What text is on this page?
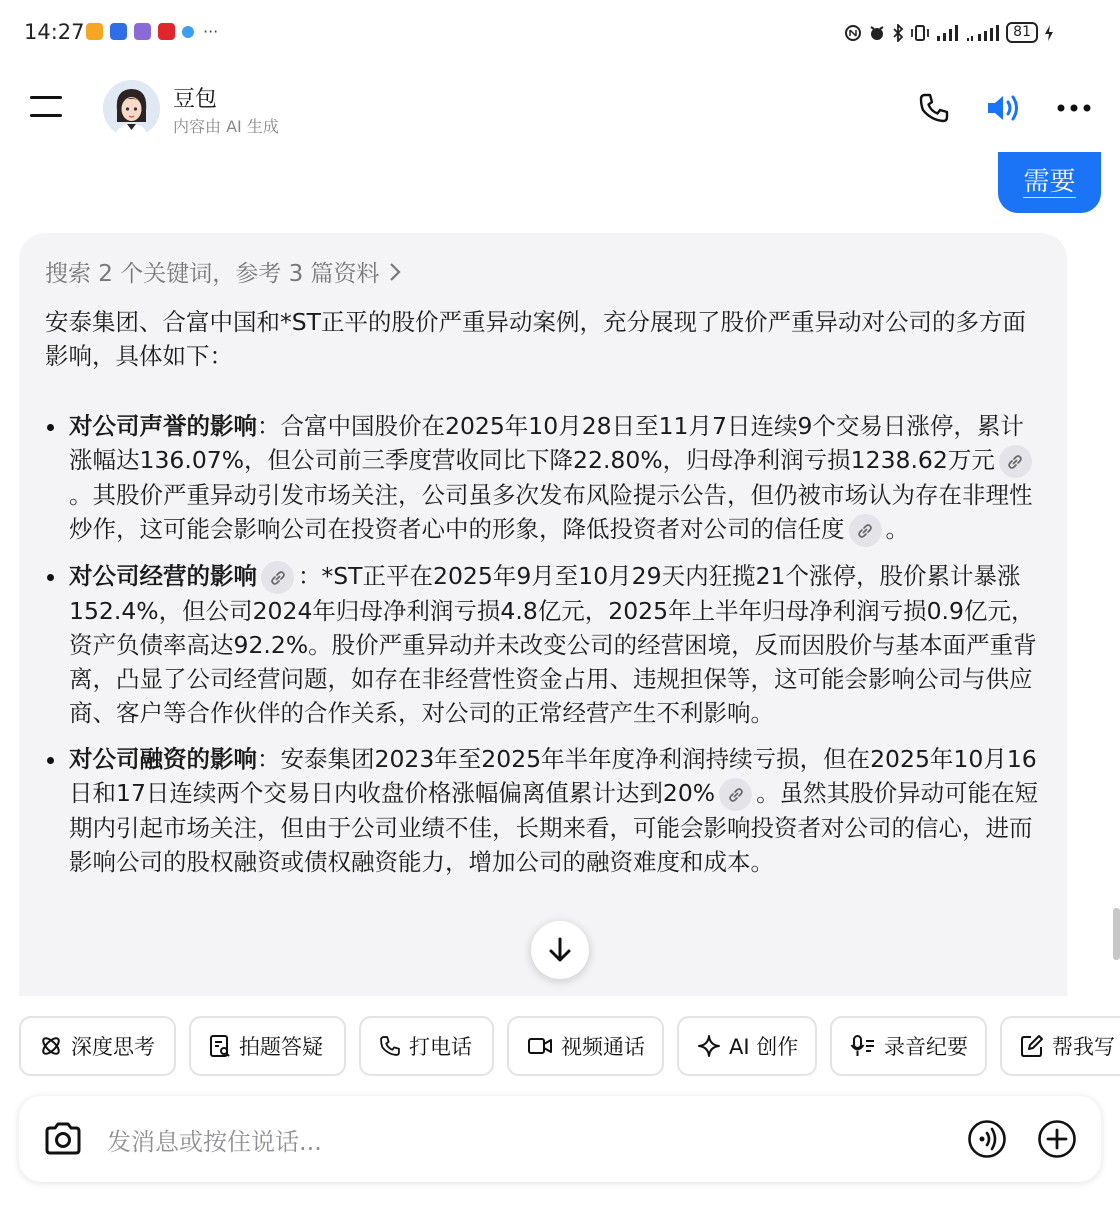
14:27	···	81
豆包
内容由 AI 生成
需要
搜索 2 个关键词，参考 3 篇资料

安泰集团、合富中国和*ST正平的股价严重异动案例，充分展现了股价严重异动对公司的多方面影响，具体如下：

对公司声誉的影响：合富中国股价在2025年10月28日至11月7日连续9个交易日涨停，累计涨幅达136.07%，但公司前三季度营收同比下降22.80%，归母净利润亏损1238.62万元
。其股价严重异动引发市场关注，公司虽多次发布风险提示公告，但仍被市场认为存在非理性炒作，这可能会影响公司在投资者心中的形象，降低投资者对公司的信任度 。
对公司经营的影响 ：*ST正平在2025年9月至10月29天内狂揽21个涨停，股价累计暴涨152.4%，但公司2024年归母净利润亏损4.8亿元，2025年上半年归母净利润亏损0.9亿元，资产负债率高达92.2%。股价严重异动并未改变公司的经营困境，反而因股价与基本面严重背离，凸显了公司经营问题，如存在非经营性资金占用、违规担保等，这可能会影响公司与供应商、客户等合作伙伴的合作关系，对公司的正常经营产生不利影响。
对公司融资的影响：安泰集团2023年至2025年半年度净利润持续亏损，但在2025年10月16日和17日连续两个交易日内收盘价格涨幅偏离值累计达到20% 。虽然其股价异动可能在短期内引起市场关注，但由于公司业绩不佳，长期来看，可能会影响投资者对公司的信心，进而影响公司的股权融资或债权融资能力，增加公司的融资难度和成本。
深度思考	拍题答疑	打电话	视频通话	AI 创作	录音纪要	帮我写
发消息或按住说话...
